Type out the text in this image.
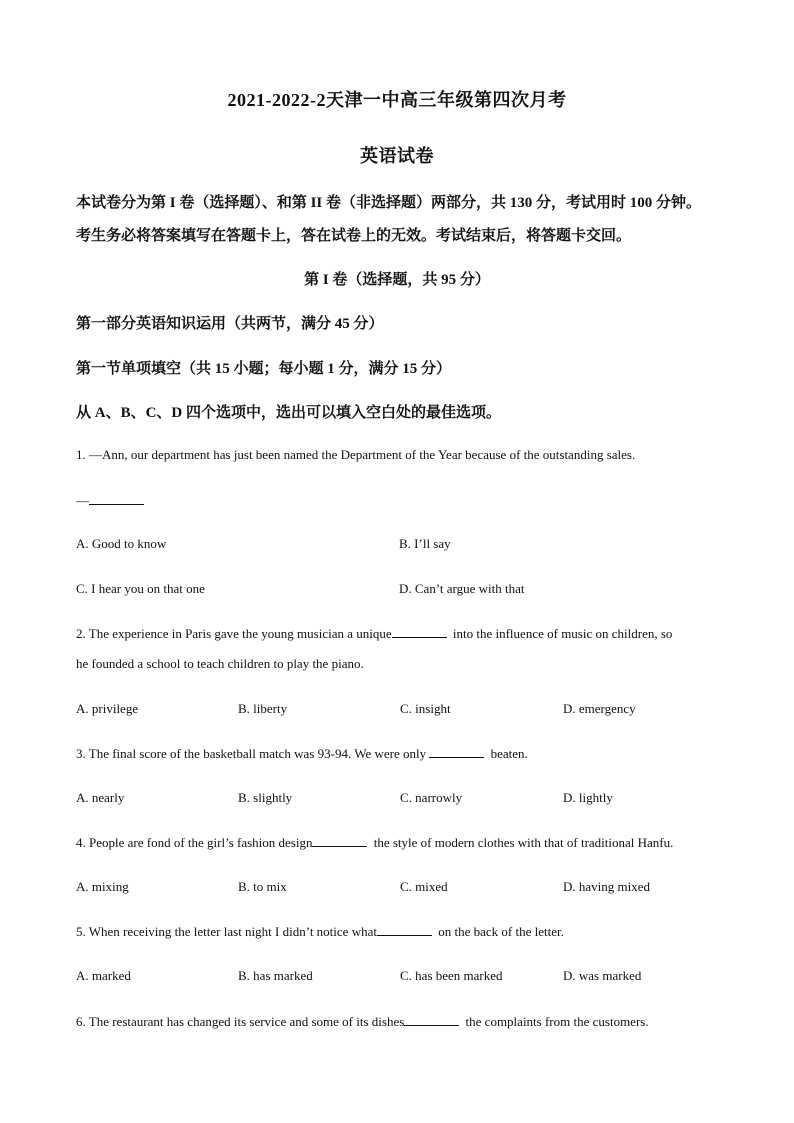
2021-2022-2天津一中高三年级第四次月考
英语试卷
本试卷分为第 I 卷（选择题）、和第 II 卷（非选择题）两部分，共 130 分，考试用时 100 分钟。
考生务必将答案填写在答题卡上，答在试卷上的无效。考试结束后，将答题卡交回。
第 I 卷（选择题，共 95 分）
第一部分英语知识运用（共两节，满分 45 分）
第一节单项填空（共 15 小题；每小题 1 分，满分 15 分）
从 A、B、C、D 四个选项中，选出可以填入空白处的最佳选项。
1. —Ann, our department has just been named the Department of the Year because of the outstanding sales.
—
A. Good to know	B. I’ll say
C. I hear you on that one	D. Can’t argue with that
2. The experience in Paris gave the young musician a unique	into the influence of music on children, so
he founded a school to teach children to play the piano.
A. privilege	B. liberty	C. insight	D. emergency
3. The final score of the basketball match was 93-94. We were only	beaten.
A. nearly	B. slightly	C. narrowly	D. lightly
4. People are fond of the girl’s fashion design	the style of modern clothes with that of traditional Hanfu.
A. mixing	B. to mix	C. mixed	D. having mixed
5. When receiving the letter last night I didn’t notice what	on the back of the letter.
A. marked	B. has marked	C. has been marked	D. was marked
6. The restaurant has changed its service and some of its dishes	the complaints from the customers.
